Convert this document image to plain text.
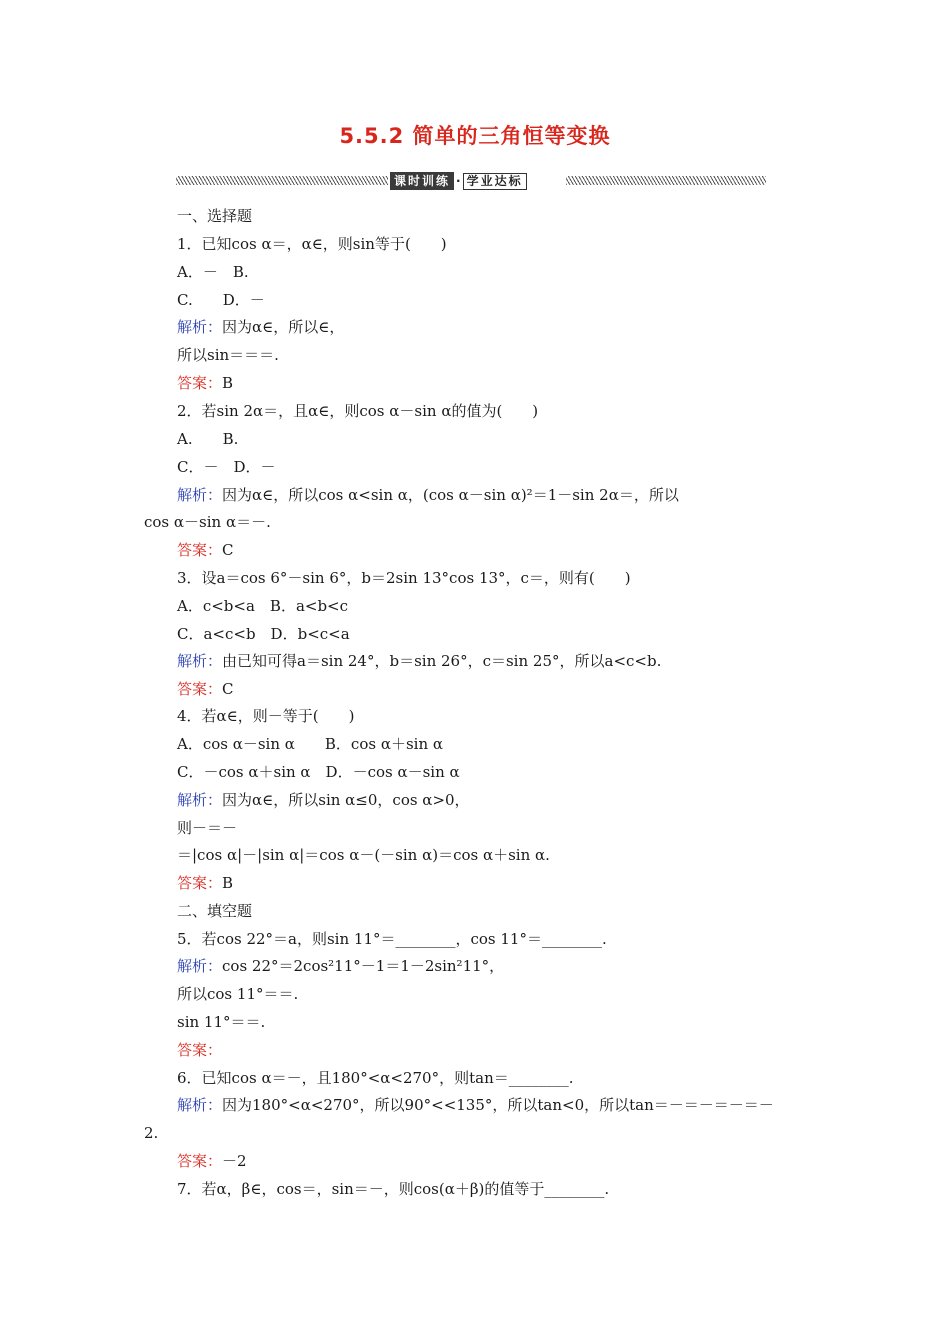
5.5.2 简单的三角恒等变换
课时训练 · 学业达标
一、选择题
1．已知cos α＝，α∈，则sin等于(　　)
A．－　B.
C.　　D．－
解析：因为α∈，所以∈，
所以sin＝＝＝.
答案：B
2．若sin 2α＝，且α∈，则cos α－sin α的值为(　　)
A.　　B.
C．－　D．－
解析：因为α∈，所以cos α<sin α，(cos α－sin α)²＝1－sin 2α＝，所以
cos α－sin α＝－.
答案：C
3．设a＝cos 6°－sin 6°，b＝2sin 13°cos 13°，c＝，则有(　　)
A．c<b<a　B．a<b<c
C．a<c<b　D．b<c<a
解析：由已知可得a＝sin 24°，b＝sin 26°，c＝sin 25°，所以a<c<b.
答案：C
4．若α∈，则－等于(　　)
A．cos α－sin α　　B．cos α＋sin α
C．－cos α＋sin α　D．－cos α－sin α
解析：因为α∈，所以sin α≤0，cos α>0，
则－＝－
＝|cos α|－|sin α|＝cos α－(－sin α)＝cos α＋sin α.
答案：B
二、填空题
5．若cos 22°＝a，则sin 11°＝________，cos 11°＝________.
解析：cos 22°＝2cos²11°－1＝1－2sin²11°，
所以cos 11°＝＝.
sin 11°＝＝.
答案：
6．已知cos α＝－，且180°<α<270°，则tan＝________.
解析：因为180°<α<270°，所以90°<<135°，所以tan<0，所以tan＝－＝－＝－＝－
2.
答案：－2
7．若α，β∈，cos＝，sin＝－，则cos(α＋β)的值等于________.
